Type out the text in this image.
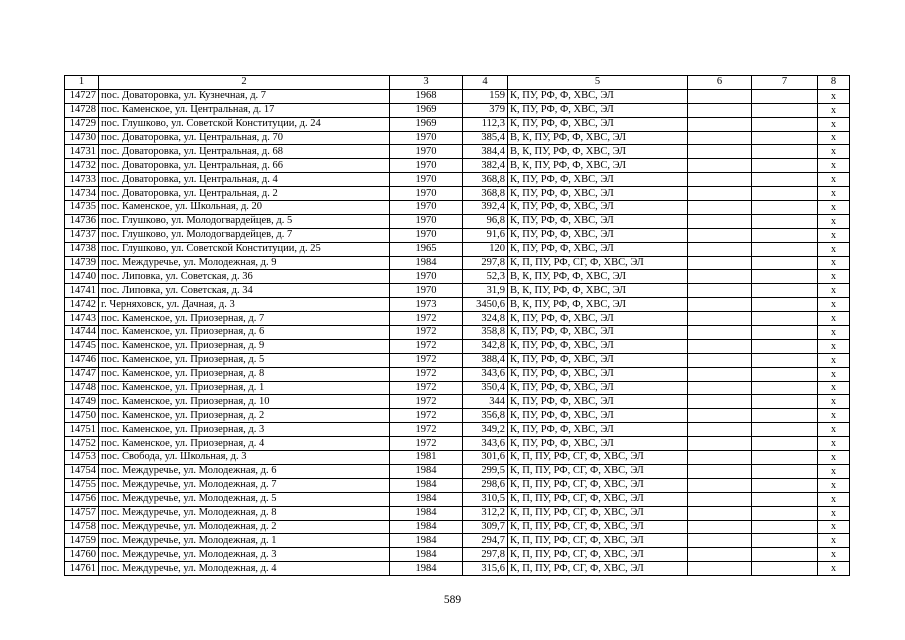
1	2	3	4	5	6	7	8
14727	пос. Доваторовка, ул. Кузнечная, д. 7	1968	159	К, ПУ, РФ, Ф, ХВС, ЭЛ			x
14728	пос. Каменское, ул. Центральная, д. 17	1969	379	К, ПУ, РФ, Ф, ХВС, ЭЛ			x
14729	пос. Глушково, ул. Советской Конституции, д. 24	1969	112,3	К, ПУ, РФ, Ф, ХВС, ЭЛ			x
14730	пос. Доваторовка, ул. Центральная, д. 70	1970	385,4	В, К, ПУ, РФ, Ф, ХВС, ЭЛ			x
14731	пос. Доваторовка, ул. Центральная, д. 68	1970	384,4	В, К, ПУ, РФ, Ф, ХВС, ЭЛ			x
14732	пос. Доваторовка, ул. Центральная, д. 66	1970	382,4	В, К, ПУ, РФ, Ф, ХВС, ЭЛ			x
14733	пос. Доваторовка, ул. Центральная, д. 4	1970	368,8	К, ПУ, РФ, Ф, ХВС, ЭЛ			x
14734	пос. Доваторовка, ул. Центральная, д. 2	1970	368,8	К, ПУ, РФ, Ф, ХВС, ЭЛ			x
14735	пос. Каменское, ул. Школьная, д. 20	1970	392,4	К, ПУ, РФ, Ф, ХВС, ЭЛ			x
14736	пос. Глушково, ул. Молодогвардейцев, д. 5	1970	96,8	К, ПУ, РФ, Ф, ХВС, ЭЛ			x
14737	пос. Глушково, ул. Молодогвардейцев, д. 7	1970	91,6	К, ПУ, РФ, Ф, ХВС, ЭЛ			x
14738	пос. Глушково, ул. Советской Конституции, д. 25	1965	120	К, ПУ, РФ, Ф, ХВС, ЭЛ			x
14739	пос. Междуречье, ул. Молодежная, д. 9	1984	297,8	К, П, ПУ, РФ, СГ, Ф, ХВС, ЭЛ			x
14740	пос. Липовка, ул. Советская, д. 36	1970	52,3	В, К, ПУ, РФ, Ф, ХВС, ЭЛ			x
14741	пос. Липовка, ул. Советская, д. 34	1970	31,9	В, К, ПУ, РФ, Ф, ХВС, ЭЛ			x
14742	г. Черняховск, ул. Дачная, д. 3	1973	3450,6	В, К, ПУ, РФ, Ф, ХВС, ЭЛ			x
14743	пос. Каменское, ул. Приозерная, д. 7	1972	324,8	К, ПУ, РФ, Ф, ХВС, ЭЛ			x
14744	пос. Каменское, ул. Приозерная, д. 6	1972	358,8	К, ПУ, РФ, Ф, ХВС, ЭЛ			x
14745	пос. Каменское, ул. Приозерная, д. 9	1972	342,8	К, ПУ, РФ, Ф, ХВС, ЭЛ			x
14746	пос. Каменское, ул. Приозерная, д. 5	1972	388,4	К, ПУ, РФ, Ф, ХВС, ЭЛ			x
14747	пос. Каменское, ул. Приозерная, д. 8	1972	343,6	К, ПУ, РФ, Ф, ХВС, ЭЛ			x
14748	пос. Каменское, ул. Приозерная, д. 1	1972	350,4	К, ПУ, РФ, Ф, ХВС, ЭЛ			x
14749	пос. Каменское, ул. Приозерная, д. 10	1972	344	К, ПУ, РФ, Ф, ХВС, ЭЛ			x
14750	пос. Каменское, ул. Приозерная, д. 2	1972	356,8	К, ПУ, РФ, Ф, ХВС, ЭЛ			x
14751	пос. Каменское, ул. Приозерная, д. 3	1972	349,2	К, ПУ, РФ, Ф, ХВС, ЭЛ			x
14752	пос. Каменское, ул. Приозерная, д. 4	1972	343,6	К, ПУ, РФ, Ф, ХВС, ЭЛ			x
14753	пос. Свобода, ул. Школьная, д. 3	1981	301,6	К, П, ПУ, РФ, СГ, Ф, ХВС, ЭЛ			x
14754	пос. Междуречье, ул. Молодежная, д. 6	1984	299,5	К, П, ПУ, РФ, СГ, Ф, ХВС, ЭЛ			x
14755	пос. Междуречье, ул. Молодежная, д. 7	1984	298,6	К, П, ПУ, РФ, СГ, Ф, ХВС, ЭЛ			x
14756	пос. Междуречье, ул. Молодежная, д. 5	1984	310,5	К, П, ПУ, РФ, СГ, Ф, ХВС, ЭЛ			x
14757	пос. Междуречье, ул. Молодежная, д. 8	1984	312,2	К, П, ПУ, РФ, СГ, Ф, ХВС, ЭЛ			x
14758	пос. Междуречье, ул. Молодежная, д. 2	1984	309,7	К, П, ПУ, РФ, СГ, Ф, ХВС, ЭЛ			x
14759	пос. Междуречье, ул. Молодежная, д. 1	1984	294,7	К, П, ПУ, РФ, СГ, Ф, ХВС, ЭЛ			x
14760	пос. Междуречье, ул. Молодежная, д. 3	1984	297,8	К, П, ПУ, РФ, СГ, Ф, ХВС, ЭЛ			x
14761	пос. Междуречье, ул. Молодежная, д. 4	1984	315,6	К, П, ПУ, РФ, СГ, Ф, ХВС, ЭЛ			x
589
